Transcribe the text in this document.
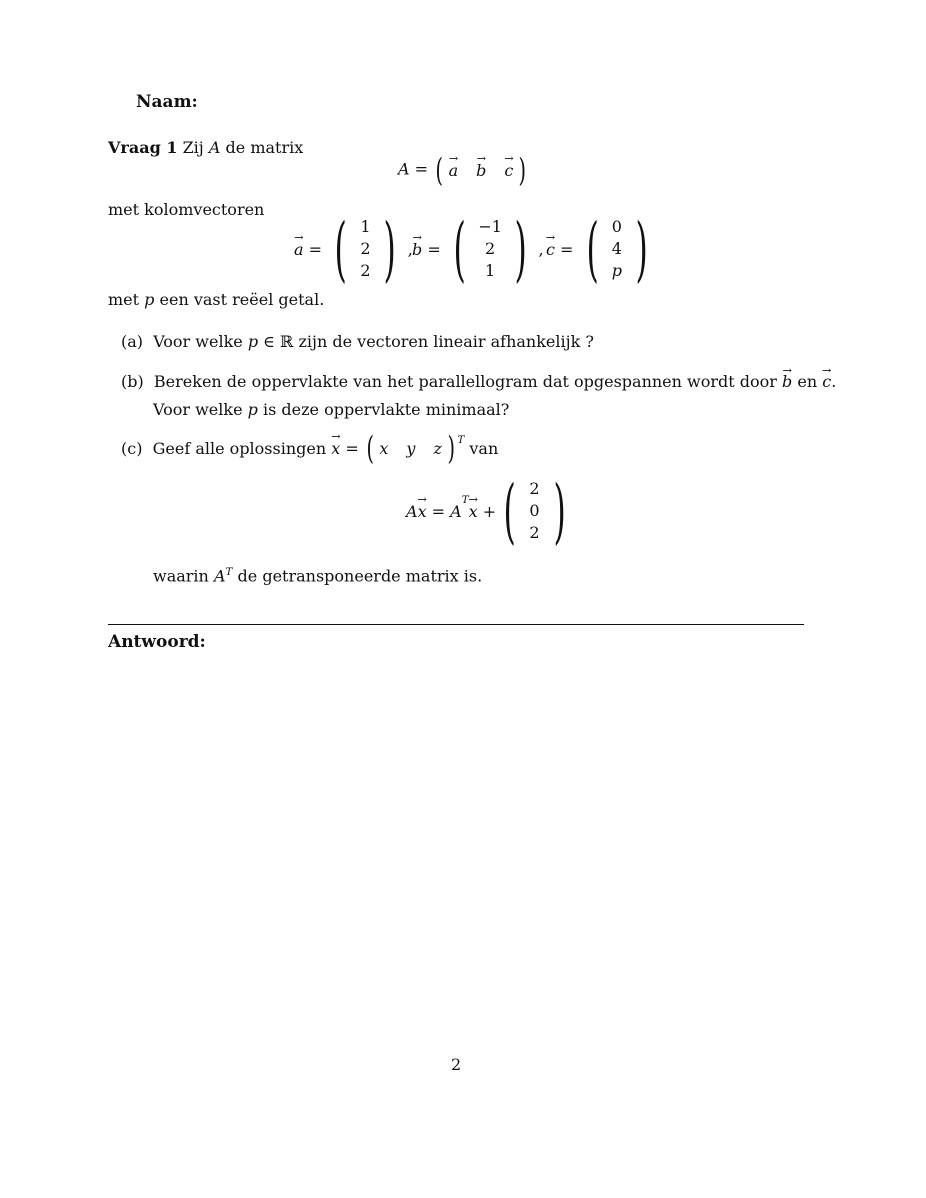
Naam:
Vraag 1 Zij A de matrix
A = ( → a → b → c )
met kolomvectoren
→ a = ( 1
2
2 ) , → b = ( −1
2
1 ) , → c = ( 0
4
p )
met p een vast reëel getal.
(a) Voor welke p ∈ ℝ zijn de vectoren lineair afhankelijk ?
(b) Bereken de oppervlakte van het parallellogram dat opgespannen wordt door → b en → c.
Voor welke p is deze oppervlakte minimaal?
(c)
Geef alle oplossingen
→ x = ( x y z )$^T$
van
A → x = A
$^T$
→ x + ( 2
0
2 )
waarin $A^T$ de getransponeerde matrix is.
Antwoord:
2
